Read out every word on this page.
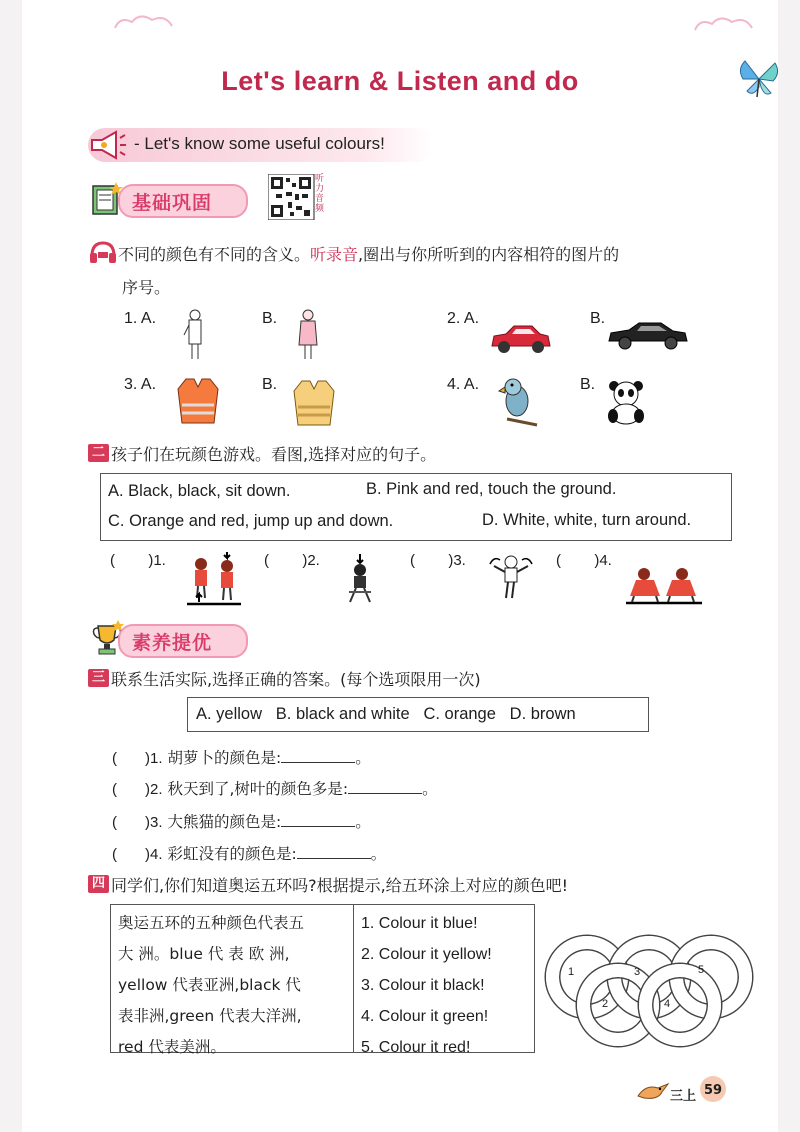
Let's learn & Listen and do
- Let's know some useful colours!
基础巩固
听力音频
不同的颜色有不同的含义。听录音,圈出与你所听到的内容相符的图片的
序号。
1. A.	B.	2. A.	B.
3. A.	B.	4. A.	B.
二 孩子们在玩颜色游戏。看图,选择对应的句子。
A. Black, black, sit down.	B. Pink and red, touch the ground.
C. Orange and red, jump up and down.	D. White, white, turn around.
(        )1.	(        )2.	(        )3.	(        )4.
素养提优
三 联系生活实际,选择正确的答案。(每个选项限用一次)
A. yellow   B. black and white   C. orange   D. brown
( )1. 胡萝卜的颜色是:	。
( )2. 秋天到了,树叶的颜色多是:	。
( )3. 大熊猫的颜色是:	。
( )4. 彩虹没有的颜色是:	。
四 同学们,你们知道奥运五环吗?根据提示,给五环涂上对应的颜色吧!
奥运五环的五种颜色代表五
大 洲。blue 代 表 欧 洲,
yellow 代表亚洲,black 代
表非洲,green 代表大洋洲,
red 代表美洲。
1. Colour it blue!
2. Colour it yellow!
3. Colour it black!
4. Colour it green!
5. Colour it red!
1
2
3
4
5
三上 59
